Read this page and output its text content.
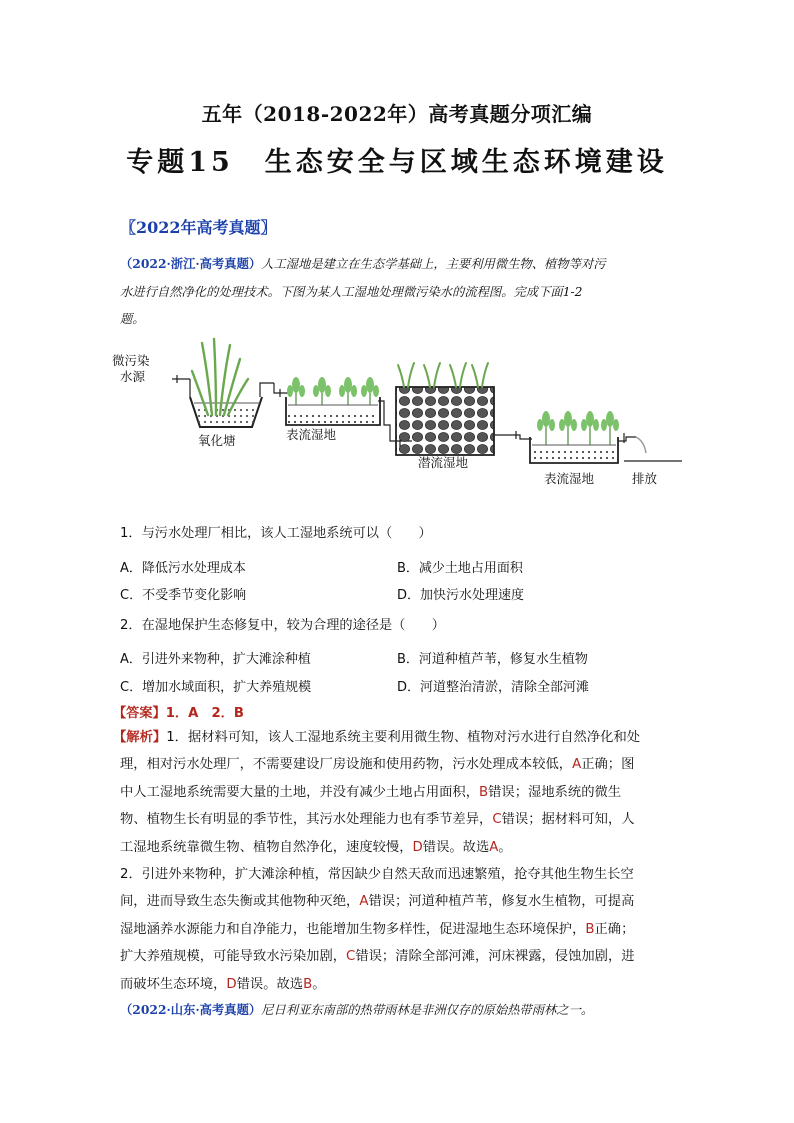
五年（2018-2022年）高考真题分项汇编
专题15　生态安全与区域生态环境建设
〖2022年高考真题〗
（2022·浙江·高考真题）人工湿地是建立在生态学基础上，主要利用微生物、植物等对污
水进行自然净化的处理技术。下图为某人工湿地处理微污染水的流程图。完成下面1-2
题。
微污染
水源
氧化塘	表流湿地
潜流湿地
表流湿地	排放
1．与污水处理厂相比，该人工湿地系统可以（　　）
A．降低污水处理成本	B．减少土地占用面积
C．不受季节变化影响	D．加快污水处理速度
2．在湿地保护生态修复中，较为合理的途径是（　　）
A．引进外来物种，扩大滩涂种植	B．河道种植芦苇，修复水生植物
C．增加水域面积，扩大养殖规模	D．河道整治清淤，清除全部河滩
【答案】1．A　2．B
【解析】1．据材料可知，该人工湿地系统主要利用微生物、植物对污水进行自然净化和处
理，相对污水处理厂，不需要建设厂房设施和使用药物，污水处理成本较低，A正确；图
中人工湿地系统需要大量的土地，并没有减少土地占用面积，B错误；湿地系统的微生
物、植物生长有明显的季节性，其污水处理能力也有季节差异，C错误；据材料可知，人
工湿地系统靠微生物、植物自然净化，速度较慢，D错误。故选A。
2．引进外来物种，扩大滩涂种植，常因缺少自然天敌而迅速繁殖，抢夺其他生物生长空
间，进而导致生态失衡或其他物种灭绝，A错误；河道种植芦苇，修复水生植物，可提高
湿地涵养水源能力和自净能力，也能增加生物多样性，促进湿地生态环境保护，B正确；
扩大养殖规模，可能导致水污染加剧，C错误；清除全部河滩，河床裸露，侵蚀加剧，进
而破坏生态环境，D错误。故选B。
（2022·山东·高考真题）尼日利亚东南部的热带雨林是非洲仅存的原始热带雨林之一。
